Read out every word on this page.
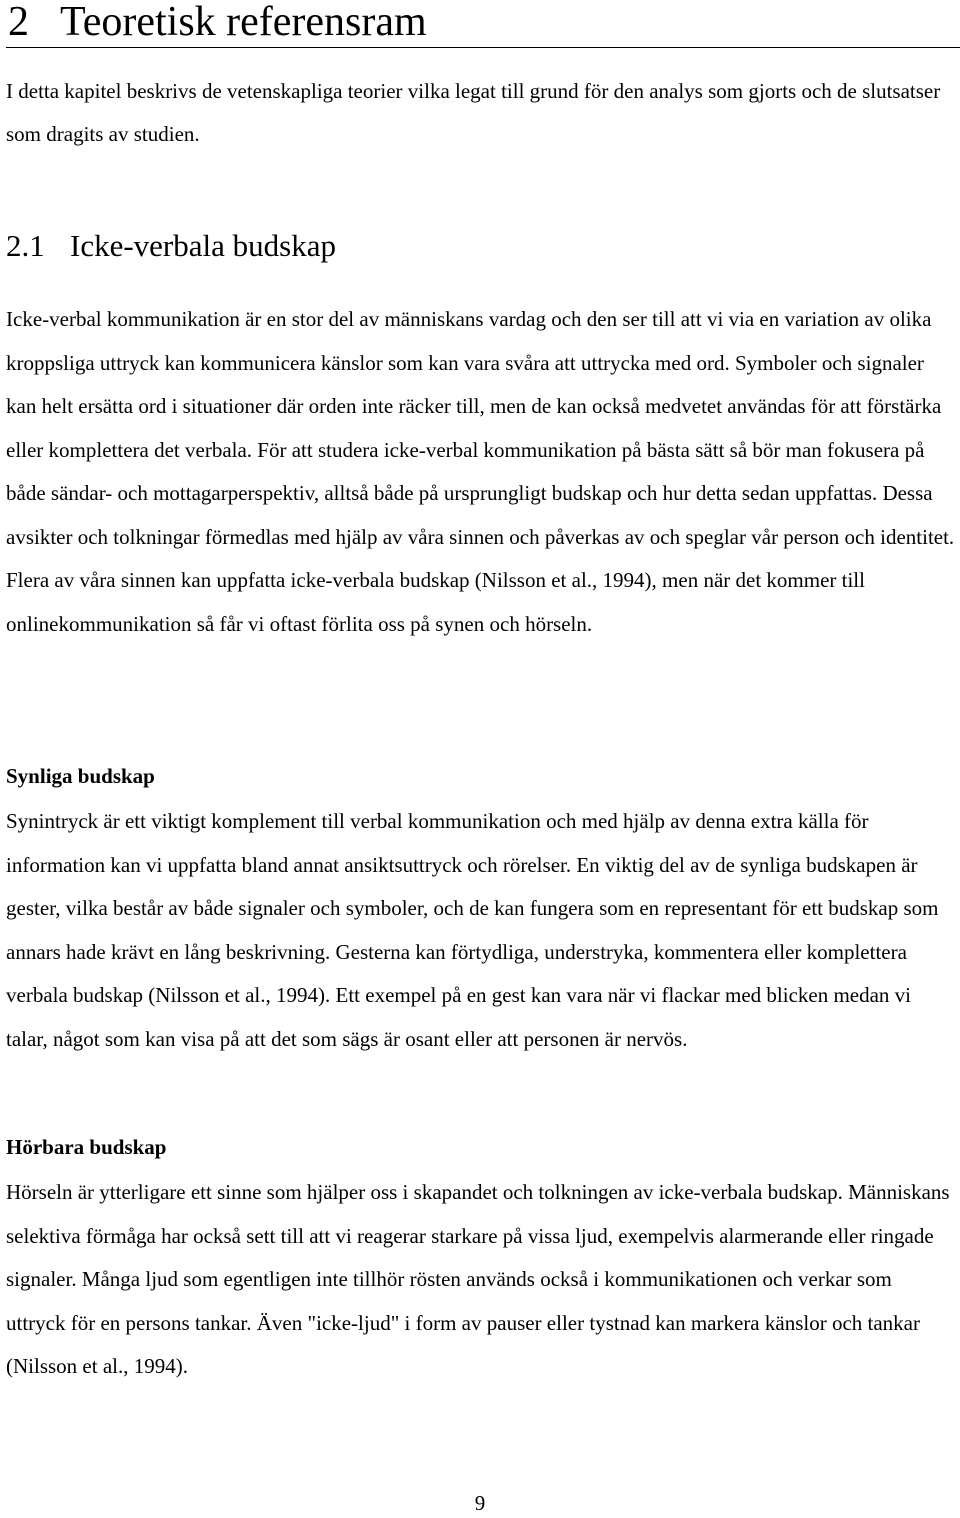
2 Teoretisk referensram

I detta kapitel beskrivs de vetenskapliga teorier vilka legat till grund för den analys som gjorts och de slutsatser som dragits av studien.

2.1 Icke-verbala budskap

Icke-verbal kommunikation är en stor del av människans vardag och den ser till att vi via en variation av olika kroppsliga uttryck kan kommunicera känslor som kan vara svåra att uttrycka med ord. Symboler och signaler kan helt ersätta ord i situationer där orden inte räcker till, men de kan också medvetet användas för att förstärka eller komplettera det verbala. För att studera icke-verbal kommunikation på bästa sätt så bör man fokusera på både sändar- och mottagarperspektiv, alltså både på ursprungligt budskap och hur detta sedan uppfattas. Dessa avsikter och tolkningar förmedlas med hjälp av våra sinnen och påverkas av och speglar vår person och identitet. Flera av våra sinnen kan uppfatta icke-verbala budskap (Nilsson et al., 1994), men när det kommer till onlinekommunikation så får vi oftast förlita oss på synen och hörseln.

Synliga budskap

Synintryck är ett viktigt komplement till verbal kommunikation och med hjälp av denna extra källa för information kan vi uppfatta bland annat ansiktsuttryck och rörelser. En viktig del av de synliga budskapen är gester, vilka består av både signaler och symboler, och de kan fungera som en representant för ett budskap som annars hade krävt en lång beskrivning. Gesterna kan förtydliga, understryka, kommentera eller komplettera verbala budskap (Nilsson et al., 1994). Ett exempel på en gest kan vara när vi flackar med blicken medan vi talar, något som kan visa på att det som sägs är osant eller att personen är nervös.

Hörbara budskap

Hörseln är ytterligare ett sinne som hjälper oss i skapandet och tolkningen av icke-verbala budskap. Människans selektiva förmåga har också sett till att vi reagerar starkare på vissa ljud, exempelvis alarmerande eller ringade signaler. Många ljud som egentligen inte tillhör rösten används också i kommunikationen och verkar som uttryck för en persons tankar. Även "icke-ljud" i form av pauser eller tystnad kan markera känslor och tankar (Nilsson et al., 1994).

9
